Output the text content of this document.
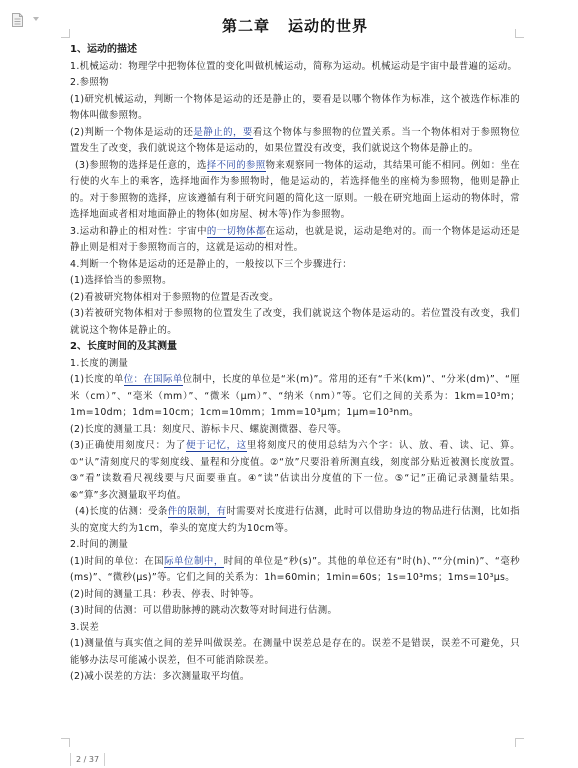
第二章 运动的世界

1、运动的描述

1.机械运动：物理学中把物体位置的变化叫做机械运动，简称为运动。机械运动是宇宙中最普遍的运动。

2.参照物

(1)研究机械运动，判断一个物体是运动的还是静止的，要看是以哪个物体作为标准，这个被选作标准的物体叫做参照物。

(2)判断一个物体是运动的还是静止的，要看这个物体与参照物的位置关系。当一个物体相对于参照物位置发生了改变，我们就说这个物体是运动的，如果位置没有改变，我们就说这个物体是静止的。

(3)参照物的选择是任意的，选择不同的参照物来观察同一物体的运动，其结果可能不相同。例如：坐在行使的火车上的乘客，选择地面作为参照物时，他是运动的，若选择他坐的座椅为参照物，他则是静止的。对于参照物的选择，应该遵循有利于研究问题的简化这一原则。一般在研究地面上运动的物体时，常选择地面或者相对地面静止的物体(如房屋、树木等)作为参照物。

3.运动和静止的相对性：宇宙中的一切物体都在运动，也就是说，运动是绝对的。而一个物体是运动还是静止则是相对于参照物而言的，这就是运动的相对性。

4.判断一个物体是运动的还是静止的，一般按以下三个步骤进行：

(1)选择恰当的参照物。

(2)看被研究物体相对于参照物的位置是否改变。

(3)若被研究物体相对于参照物的位置发生了改变，我们就说这个物体是运动的。若位置没有改变，我们就说这个物体是静止的。

2、长度时间的及其测量

1.长度的测量

(1)长度的单位：在国际单位制中，长度的单位是“米(m)”。常用的还有“千米(km)”、“分米(dm)”、“厘米（cm）”、“毫米（mm）”、“微米（μm）”、“纳米（nm）”等。它们之间的关系为：1km=10³m；1m=10dm；1dm=10cm；1cm=10mm；1mm=10³μm；1μm=10³nm。

(2)长度的测量工具：刻度尺、游标卡尺、螺旋测微器、卷尺等。

(3)正确使用刻度尺：为了便于记忆，这里将刻度尺的使用总结为六个字：认、放、看、读、记、算。①“认”清刻度尺的零刻度线、量程和分度值。②“放”尺要沿着所测直线，刻度部分贴近被测长度放置。③“看”读数看尺视线要与尺面要垂直。④“读”估读出分度值的下一位。⑤“记”正确记录测量结果。⑥“算”多次测量取平均值。

(4)长度的估测：受条件的限制，有时需要对长度进行估测，此时可以借助身边的物品进行估测，比如指头的宽度大约为1cm，拳头的宽度大约为10cm等。

2.时间的测量

(1)时间的单位：在国际单位制中，时间的单位是“秒(s)”。其他的单位还有“时(h)、”“分(min)”、“毫秒(ms)”、“微秒(μs)”等。它们之间的关系为：1h=60min；1min=60s；1s=10³ms；1ms=10³μs。

(2)时间的测量工具：秒表、停表、时钟等。

(3)时间的估测：可以借助脉搏的跳动次数等对时间进行估测。

3.误差

(1)测量值与真实值之间的差异叫做误差。在测量中误差总是存在的。误差不是错误，误差不可避免，只能够办法尽可能减小误差，但不可能消除误差。

(2)减小误差的方法：多次测量取平均值。

2 / 37
